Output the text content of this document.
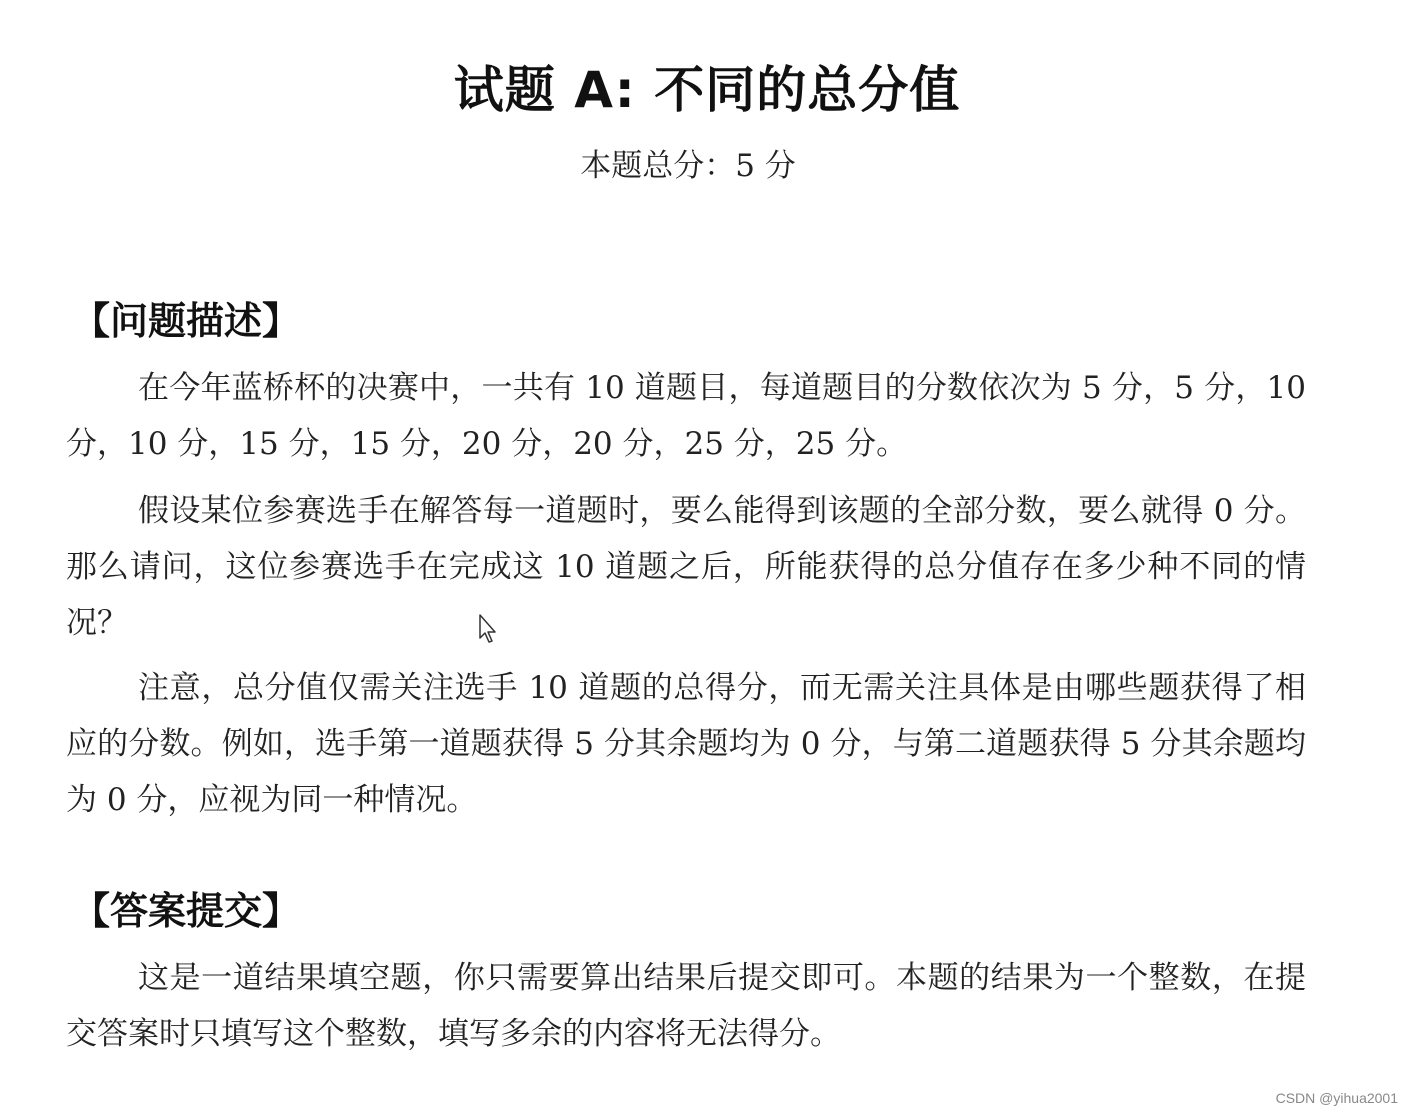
试题 A: 不同的总分值
本题总分：5 分
【问题描述】
在今年蓝桥杯的决赛中，一共有 10 道题目，每道题目的分数依次为 5 分，5 分，10 分，10 分，15 分，15 分，20 分，20 分，25 分，25 分。
假设某位参赛选手在解答每一道题时，要么能得到该题的全部分数，要么就得 0 分。那么请问，这位参赛选手在完成这 10 道题之后，所能获得的总分值存在多少种不同的情况？
注意，总分值仅需关注选手 10 道题的总得分，而无需关注具体是由哪些题获得了相应的分数。例如，选手第一道题获得 5 分其余题均为 0 分，与第二道题获得 5 分其余题均为 0 分，应视为同一种情况。
【答案提交】
这是一道结果填空题，你只需要算出结果后提交即可。本题的结果为一个整数，在提交答案时只填写这个整数，填写多余的内容将无法得分。
CSDN @yihua2001
